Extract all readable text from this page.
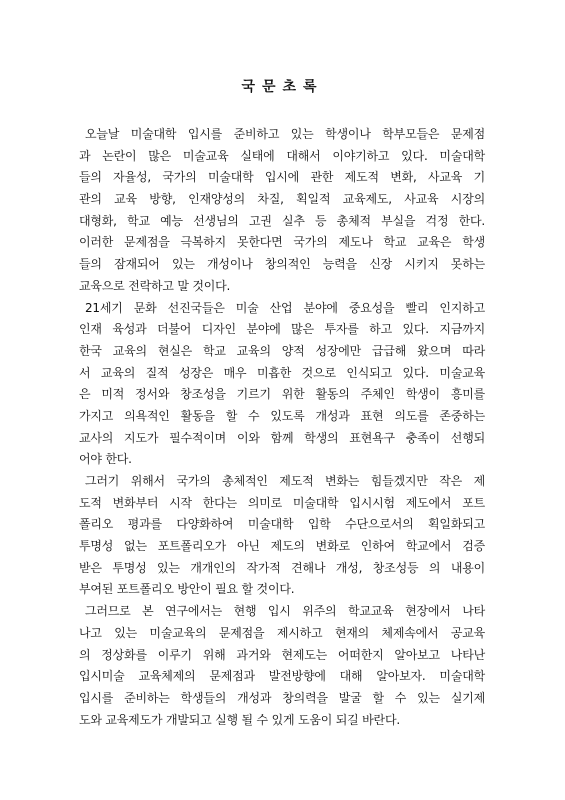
국문초록
오늘날 미술대학 입시를 준비하고 있는 학생이나 학부모들은 문제점
과 논란이 많은 미술교육 실태에 대해서 이야기하고 있다. 미술대학
들의 자율성, 국가의 미술대학 입시에 관한 제도적 변화, 사교육 기
관의 교육 방향, 인재양성의 차질, 획일적 교육제도, 사교육 시장의
대형화, 학교 예능 선생님의 고권 실추 등 총체적 부실을 걱정 한다.
이러한 문제점을 극복하지 못한다면 국가의 제도나 학교 교육은 학생
들의 잠재되어 있는 개성이나 창의적인 능력을 신장 시키지 못하는
교육으로 전락하고 말 것이다.
21세기 문화 선진국들은 미술 산업 분야에 중요성을 빨리 인지하고
인재 육성과 더불어 디자인 분야에 많은 투자를 하고 있다. 지금까지
한국 교육의 현실은 학교 교육의 양적 성장에만 급급해 왔으며 따라
서 교육의 질적 성장은 매우 미흡한 것으로 인식되고 있다. 미술교육
은 미적 정서와 창조성을 기르기 위한 활동의 주체인 학생이 흥미를
가지고 의욕적인 활동을 할 수 있도록 개성과 표현 의도를 존중하는
교사의 지도가 필수적이며 이와 함께 학생의 표현욕구 충족이 선행되
어야 한다.
그러기 위해서 국가의 총체적인 제도적 변화는 힘들겠지만 작은 제
도적 변화부터 시작 한다는 의미로 미술대학 입시시험 제도에서 포트
폴리오 평과를 다양화하여 미술대학 입학 수단으로서의 획일화되고
투명성 없는 포트폴리오가 아닌 제도의 변화로 인하여 학교에서 검증
받은 투명성 있는 개개인의 작가적 견해나 개성, 창조성등 의 내용이
부여된 포트폴리오 방안이 필요 할 것이다.
그러므로 본 연구에서는 현행 입시 위주의 학교교육 현장에서 나타
나고 있는 미술교육의 문제점을 제시하고 현재의 체제속에서 공교육
의 정상화를 이루기 위해 과거와 현제도는 어떠한지 알아보고 나타난
입시미술 교육체제의 문제점과 발전방향에 대해 알아보자. 미술대학
입시를 준비하는 학생들의 개성과 창의력을 발굴 할 수 있는 실기제
도와 교육제도가 개발되고 실행 될 수 있게 도움이 되길 바란다.
